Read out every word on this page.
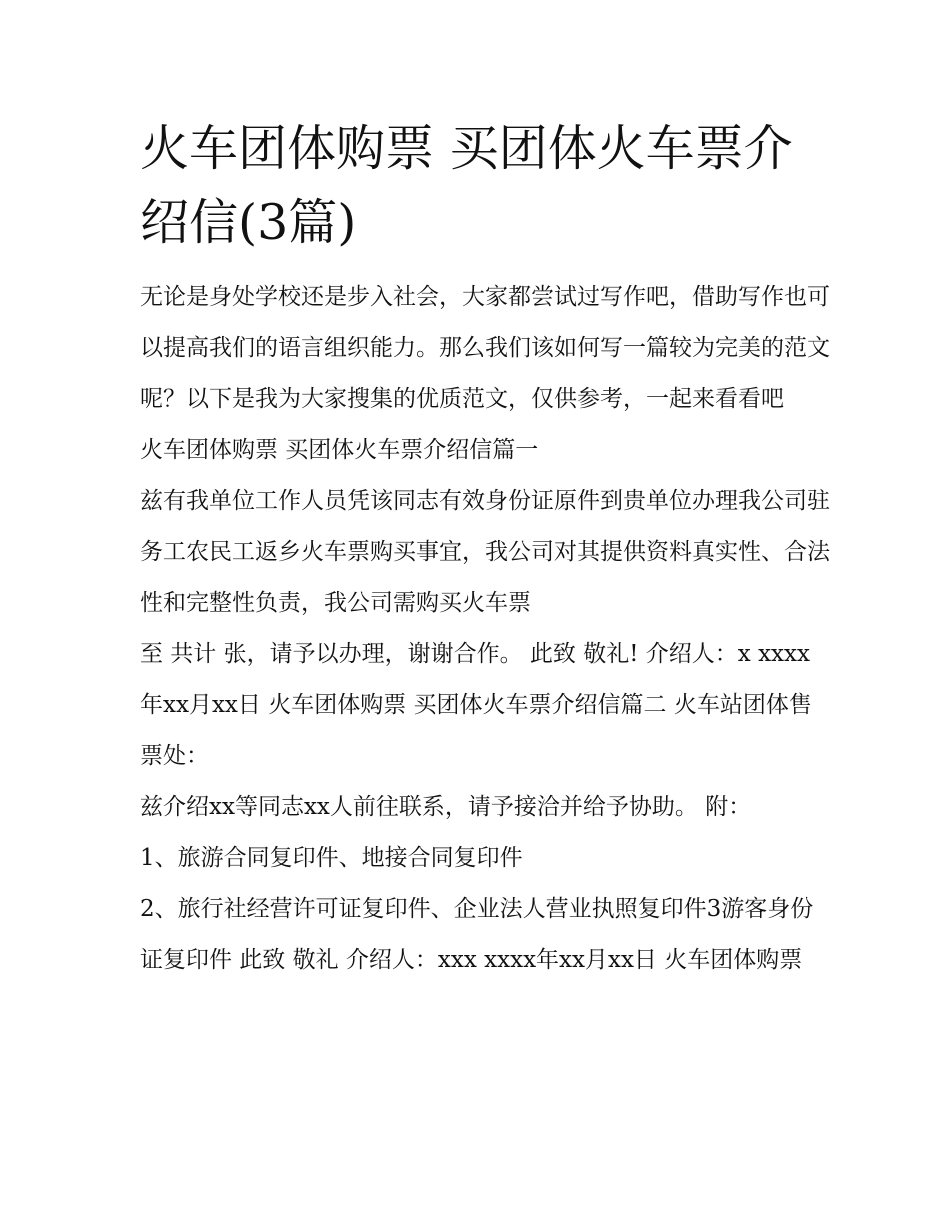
火车团体购票 买团体火车票介绍信(3篇)

无论是身处学校还是步入社会，大家都尝试过写作吧，借助写作也可以提高我们的语言组织能力。那么我们该如何写一篇较为完美的范文呢？以下是我为大家搜集的优质范文，仅供参考，一起来看看吧

火车团体购票 买团体火车票介绍信篇一

兹有我单位工作人员凭该同志有效身份证原件到贵单位办理我公司驻务工农民工返乡火车票购买事宜，我公司对其提供资料真实性、合法性和完整性负责，我公司需购买火车票

至 共计 张，请予以办理，谢谢合作。 此致 敬礼! 介绍人：x xxxx年xx月xx日 火车团体购票 买团体火车票介绍信篇二 火车站团体售票处：

兹介绍xx等同志xx人前往联系，请予接洽并给予协助。 附：

1、旅游合同复印件、地接合同复印件

2、旅行社经营许可证复印件、企业法人营业执照复印件3游客身份证复印件 此致 敬礼 介绍人：xxx xxxx年xx月xx日 火车团体购票
